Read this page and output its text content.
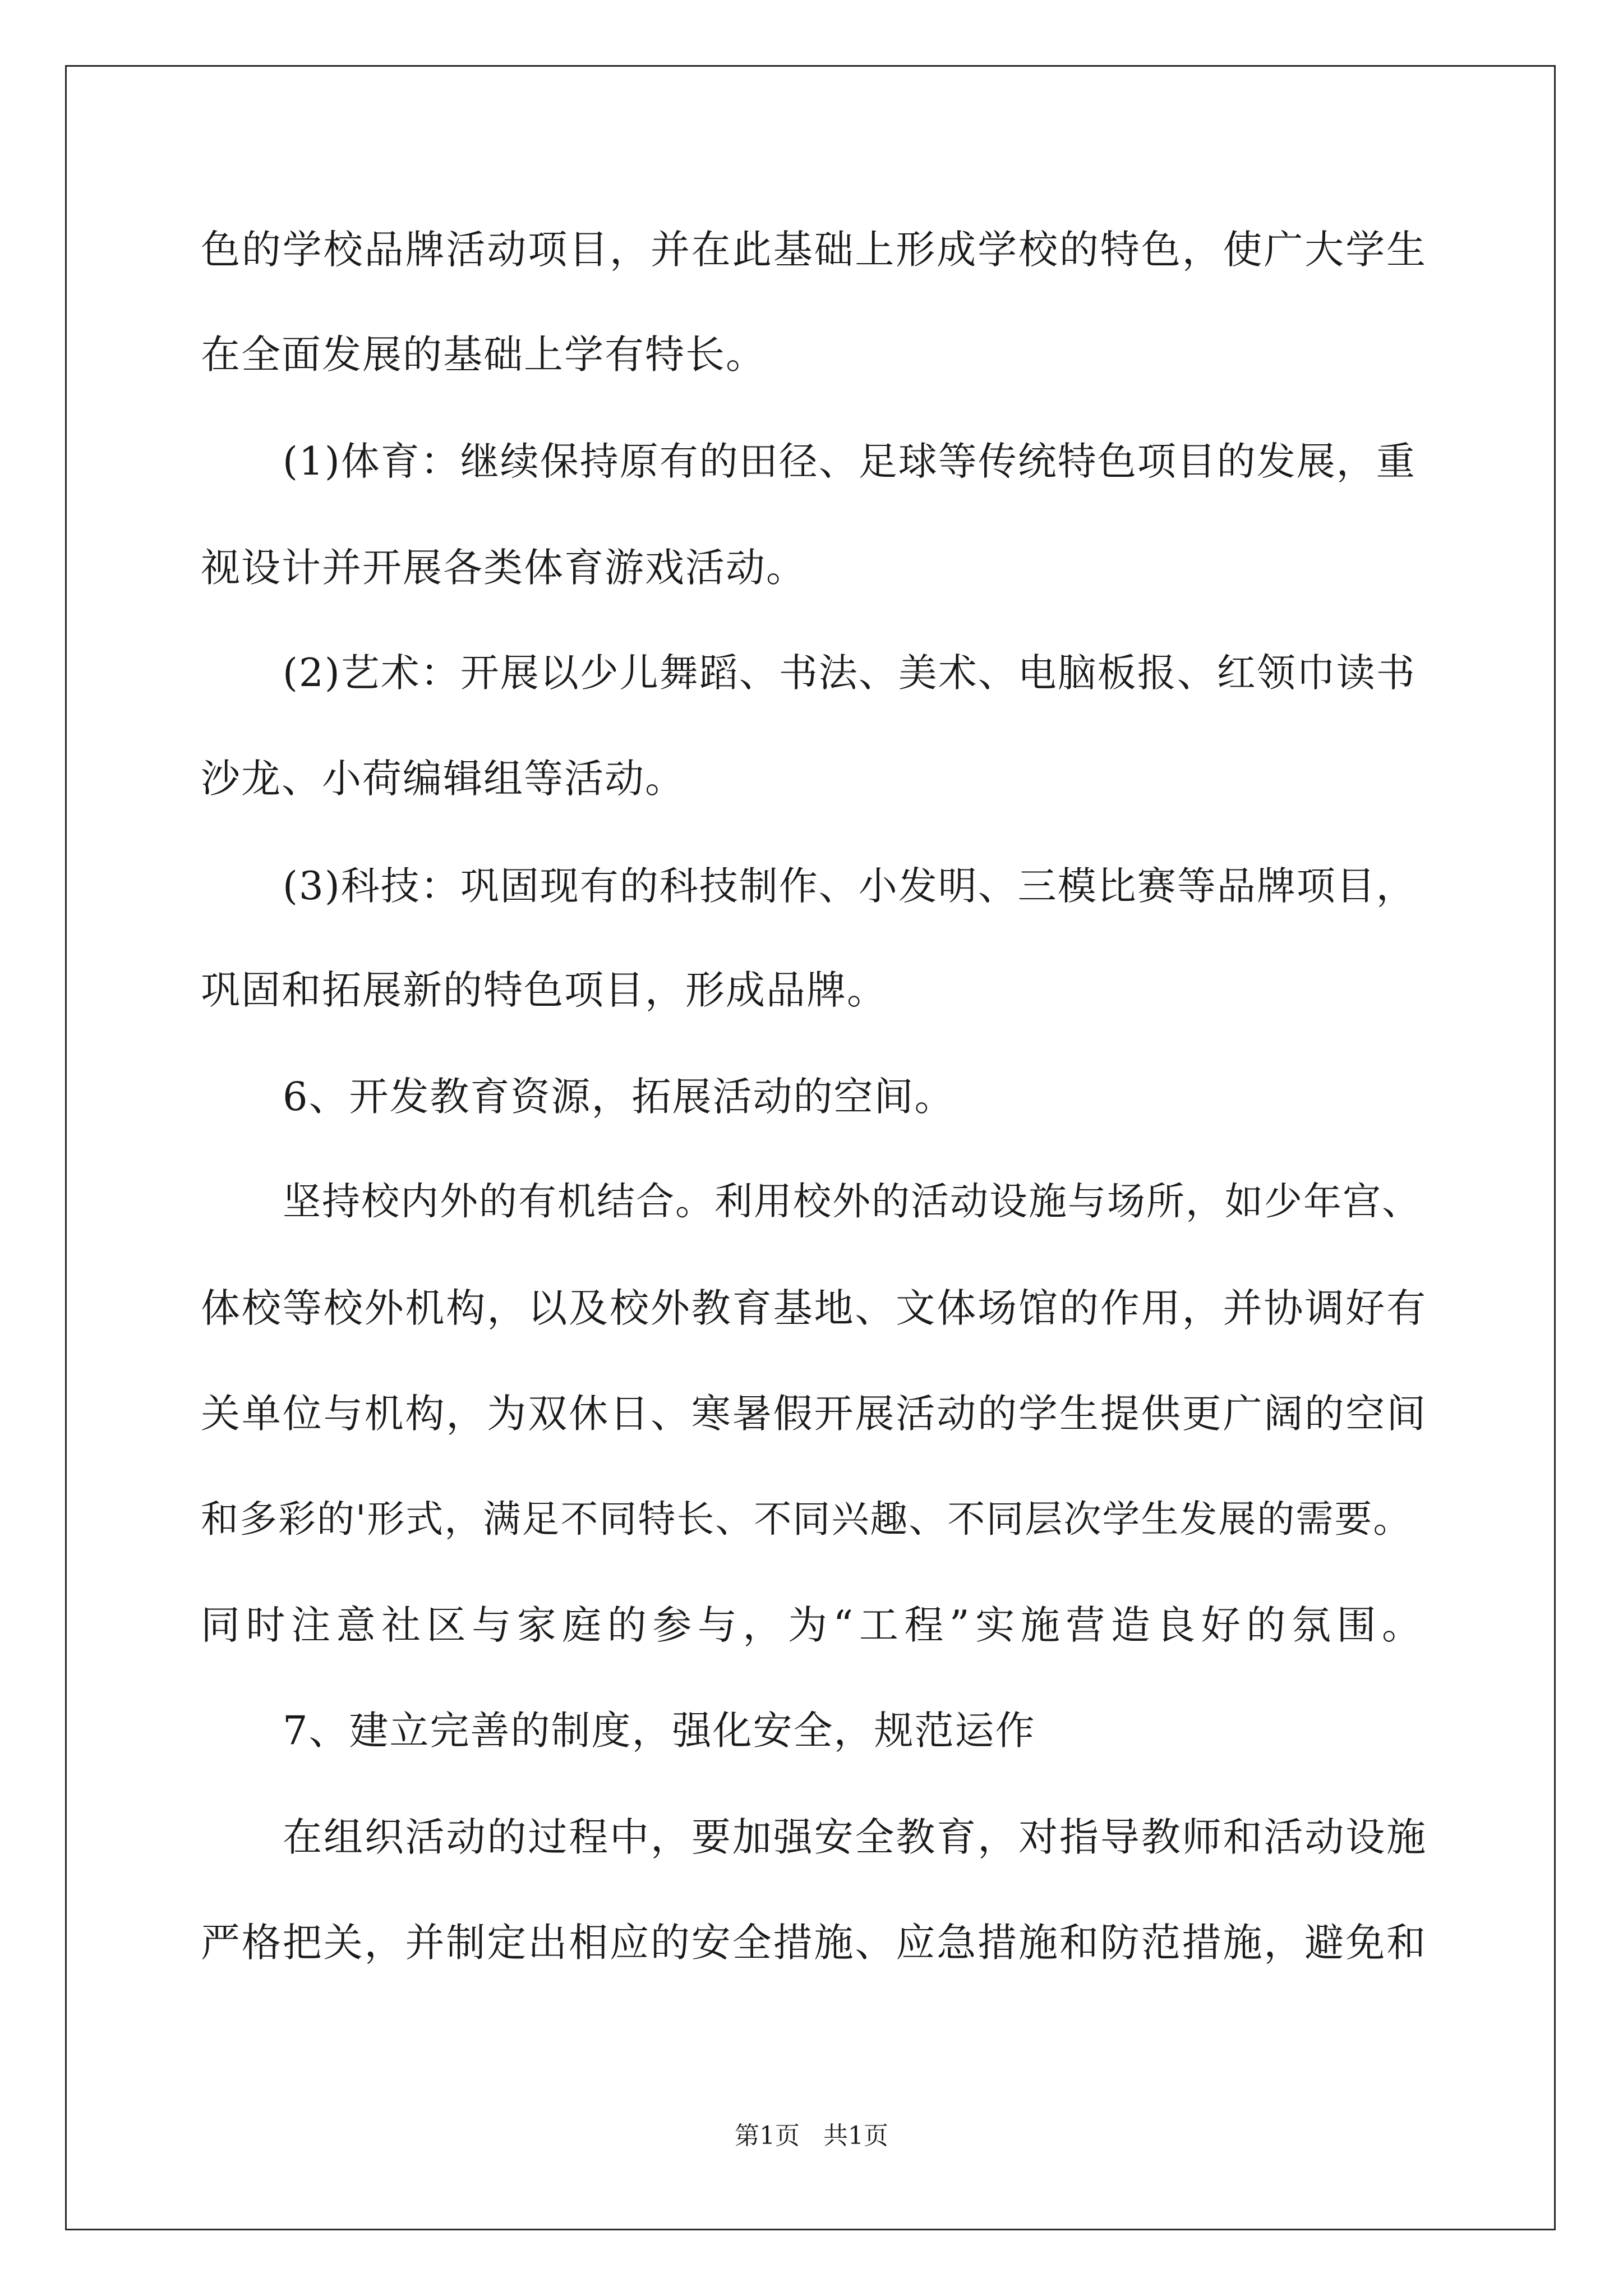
色的学校品牌活动项目，并在此基础上形成学校的特色，使广大学生
在全面发展的基础上学有特长。
(1)体育：继续保持原有的田径、足球等传统特色项目的发展，重
视设计并开展各类体育游戏活动。
(2)艺术：开展以少儿舞蹈、书法、美术、电脑板报、红领巾读书
沙龙、小荷编辑组等活动。
(3)科技：巩固现有的科技制作、小发明、三模比赛等品牌项目，
巩固和拓展新的特色项目，形成品牌。
6、开发教育资源，拓展活动的空间。
坚持校内外的有机结合。利用校外的活动设施与场所，如少年宫、
体校等校外机构，以及校外教育基地、文体场馆的作用，并协调好有
关单位与机构，为双休日、寒暑假开展活动的学生提供更广阔的空间
和多彩的'形式，满足不同特长、不同兴趣、不同层次学生发展的需要。
同时注意社区与家庭的参与，为“工程”实施营造良好的氛围。
7、建立完善的制度，强化安全，规范运作
在组织活动的过程中，要加强安全教育，对指导教师和活动设施
严格把关，并制定出相应的安全措施、应急措施和防范措施，避免和
第1页   共1页
